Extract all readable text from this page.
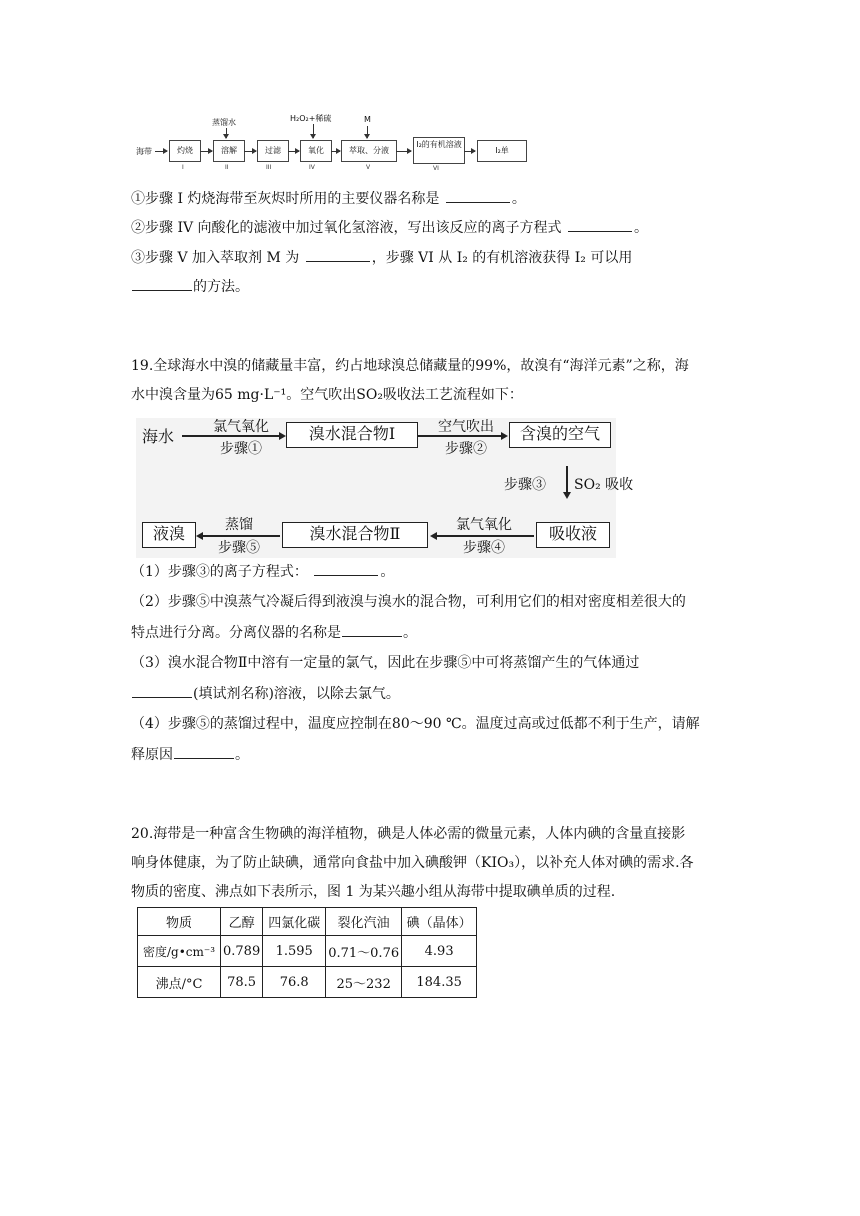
海带	灼烧
I
蒸馏水
溶解
II
过滤
III
H₂O₂+稀硫
氧化
IV
M
萃取、分液
V
I₂的有机溶液
VI
I₂单
①步骤 I 灼烧海带至灰烬时所用的主要仪器名称是	。
②步骤 IV 向酸化的滤液中加过氧化氢溶液，写出该反应的离子方程式	。
③步骤 V 加入萃取剂 M 为	，步骤 VI 从 I₂ 的有机溶液获得 I₂ 可以用
的方法。
19.全球海水中溴的储藏量丰富，约占地球溴总储藏量的99%，故溴有“海洋元素”之称，海
水中溴含量为65 mg·L⁻¹。空气吹出SO₂吸收法工艺流程如下：
海水	氯气氧化
步骤①
溴水混合物Ⅰ	空气吹出
步骤②
含溴的空气
步骤③ SO₂ 吸收
吸收液
氯气氧化
步骤④
溴水混合物Ⅱ
蒸馏
步骤⑤
液溴
（1）步骤③的离子方程式：	。
（2）步骤⑤中溴蒸气冷凝后得到液溴与溴水的混合物，可利用它们的相对密度相差很大的
特点进行分离。分离仪器的名称是	。
（3）溴水混合物Ⅱ中溶有一定量的氯气，因此在步骤⑤中可将蒸馏产生的气体通过
(填试剂名称)溶液，以除去氯气。
（4）步骤⑤的蒸馏过程中，温度应控制在80～90 ℃。温度过高或过低都不利于生产，请解
释原因	。
20.海带是一种富含生物碘的海洋植物，碘是人体必需的微量元素，人体内碘的含量直接影
响身体健康，为了防止缺碘，通常向食盐中加入碘酸钾（KIO₃），以补充人体对碘的需求.各
物质的密度、沸点如下表所示，图 1 为某兴趣小组从海带中提取碘单质的过程.
物质	乙醇	四氯化碳	裂化汽油	碘（晶体）
密度/g•cm⁻³	0.789	1.595	0.71～0.76	4.93
沸点/°C	78.5	76.8	25～232	184.35
